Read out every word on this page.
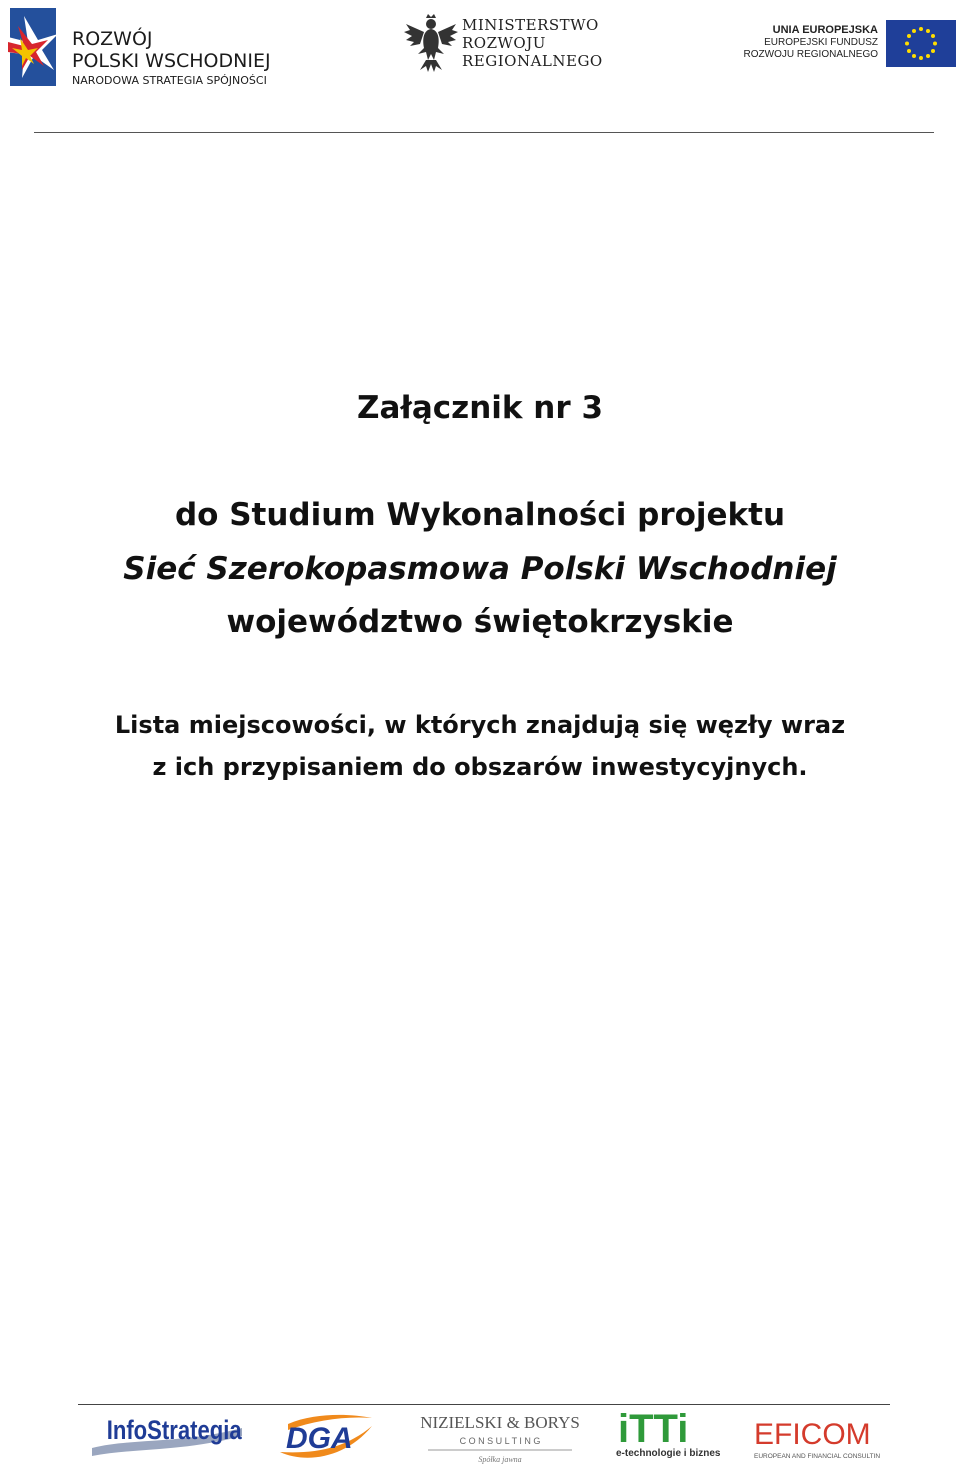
ROZWÓJ
POLSKI WSCHODNIEJ
NARODOWA STRATEGIA SPÓJNOŚCI
MINISTERSTWO
ROZWOJU
REGIONALNEGO
UNIA EUROPEJSKA
EUROPEJSKI FUNDUSZ
ROZWOJU REGIONALNEGO
Załącznik nr 3
do Studium Wykonalności projektu
Sieć Szerokopasmowa Polski Wschodniej
województwo świętokrzyskie
Lista miejscowości, w których znajdują się węzły wraz
z ich przypisaniem do obszarów inwestycyjnych.
InfoStrategia DGA	NIZIELSKI & BORYS
C O N S U L T I N G
Spółka jawna
iTTi
e-technologie i biznes
EFICOM
EUROPEAN AND FINANCIAL CONSULTING
